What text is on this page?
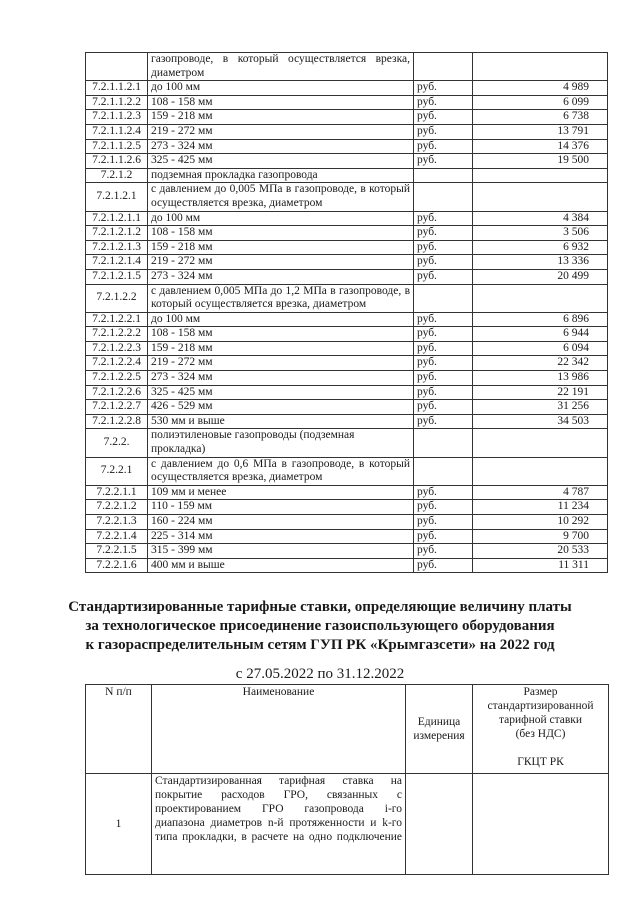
	газопроводе, в который осуществляется врезка, диаметром		
7.2.1.1.2.1	до 100 мм	руб.	4 989
7.2.1.1.2.2	108 - 158 мм	руб.	6 099
7.2.1.1.2.3	159 - 218 мм	руб.	6 738
7.2.1.1.2.4	219 - 272 мм	руб.	13 791
7.2.1.1.2.5	273 - 324 мм	руб.	14 376
7.2.1.1.2.6	325 - 425 мм	руб.	19 500
7.2.1.2	подземная прокладка газопровода		
7.2.1.2.1	с давлением до 0,005 МПа в газопроводе, в который осуществляется врезка, диаметром		
7.2.1.2.1.1	до 100 мм	руб.	4 384
7.2.1.2.1.2	108 - 158 мм	руб.	3 506
7.2.1.2.1.3	159 - 218 мм	руб.	6 932
7.2.1.2.1.4	219 - 272 мм	руб.	13 336
7.2.1.2.1.5	273 - 324 мм	руб.	20 499
7.2.1.2.2	с давлением 0,005 МПа до 1,2 МПа в газопроводе, в который осуществляется врезка, диаметром		
7.2.1.2.2.1	до 100 мм	руб.	6 896
7.2.1.2.2.2	108 - 158 мм	руб.	6 944
7.2.1.2.2.3	159 - 218 мм	руб.	6 094
7.2.1.2.2.4	219 - 272 мм	руб.	22 342
7.2.1.2.2.5	273 - 324 мм	руб.	13 986
7.2.1.2.2.6	325 - 425 мм	руб.	22 191
7.2.1.2.2.7	426 - 529 мм	руб.	31 256
7.2.1.2.2.8	530 мм и выше	руб.	34 503
7.2.2.	полиэтиленовые газопроводы (подземная прокладка)		
7.2.2.1	с давлением до 0,6 МПа в газопроводе, в который осуществляется врезка, диаметром		
7.2.2.1.1	109 мм и менее	руб.	4 787
7.2.2.1.2	110 - 159 мм	руб.	11 234
7.2.2.1.3	160 - 224 мм	руб.	10 292
7.2.2.1.4	225 - 314 мм	руб.	9 700
7.2.2.1.5	315 - 399 мм	руб.	20 533
7.2.2.1.6	400 мм и выше	руб.	11 311
Стандартизированные тарифные ставки, определяющие величину платы
за технологическое присоединение газоиспользующего оборудования
к газораспределительным сетям ГУП РК «Крымгазсети» на 2022 год
с 27.05.2022 по 31.12.2022
N п/п	Наименование	Единица измерения	Размер
стандартизированной
тарифной ставки
(без НДС)
ГКЦТ РК

1	Стандартизированная тарифная ставка на
покрытие расходов ГРО, связанных с
проектированием ГРО газопровода i-го
диапазона диаметров n-й протяженности и k-го
типа прокладки, в расчете на одно подключение		
